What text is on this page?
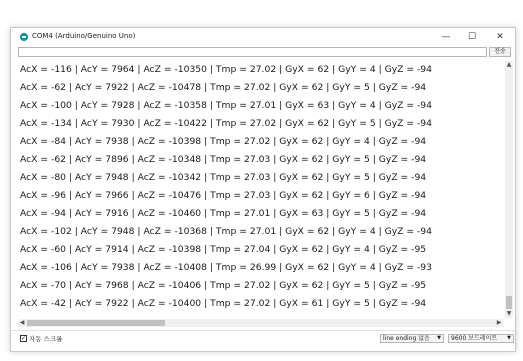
COM4 (Arduino/Genuino Uno)	—	☐	✕
전송
AcX = -116 | AcY = 7964 | AcZ = -10350 | Tmp = 27.02 | GyX = 62 | GyY = 4 | GyZ = -94
AcX = -62 | AcY = 7922 | AcZ = -10478 | Tmp = 27.02 | GyX = 62 | GyY = 5 | GyZ = -94
AcX = -100 | AcY = 7928 | AcZ = -10358 | Tmp = 27.01 | GyX = 63 | GyY = 4 | GyZ = -94
AcX = -134 | AcY = 7930 | AcZ = -10422 | Tmp = 27.02 | GyX = 62 | GyY = 5 | GyZ = -94
AcX = -84 | AcY = 7938 | AcZ = -10398 | Tmp = 27.02 | GyX = 62 | GyY = 4 | GyZ = -94
AcX = -62 | AcY = 7896 | AcZ = -10348 | Tmp = 27.03 | GyX = 62 | GyY = 5 | GyZ = -94
AcX = -80 | AcY = 7948 | AcZ = -10342 | Tmp = 27.03 | GyX = 62 | GyY = 5 | GyZ = -94
AcX = -96 | AcY = 7966 | AcZ = -10476 | Tmp = 27.03 | GyX = 62 | GyY = 6 | GyZ = -94
AcX = -94 | AcY = 7916 | AcZ = -10460 | Tmp = 27.01 | GyX = 63 | GyY = 5 | GyZ = -94
AcX = -102 | AcY = 7948 | AcZ = -10368 | Tmp = 27.01 | GyX = 62 | GyY = 4 | GyZ = -94
AcX = -60 | AcY = 7914 | AcZ = -10398 | Tmp = 27.04 | GyX = 62 | GyY = 4 | GyZ = -95
AcX = -106 | AcY = 7938 | AcZ = -10408 | Tmp = 26.99 | GyX = 62 | GyY = 4 | GyZ = -93
AcX = -70 | AcY = 7968 | AcZ = -10406 | Tmp = 27.02 | GyX = 62 | GyY = 5 | GyZ = -95
AcX = -42 | AcY = 7922 | AcZ = -10400 | Tmp = 27.02 | GyX = 61 | GyY = 5 | GyZ = -94
▲
▼
◀	▶
✓ 자동 스크롤	line ending 없음 ▼	9600 보드레이트 ▼
